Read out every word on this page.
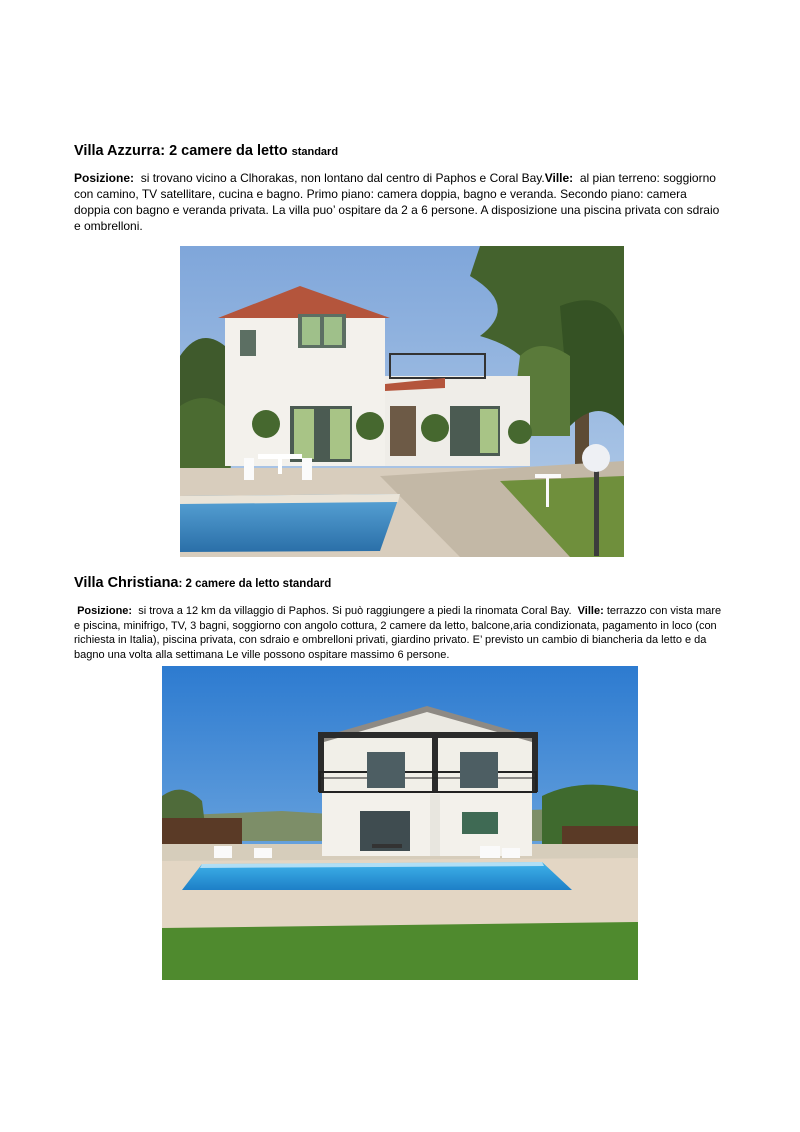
Villa Azzurra: 2 camere da letto standard

Posizione: si trovano vicino a Clhorakas, non lontano dal centro di Paphos e Coral Bay.Ville: al pian terreno: soggiorno con camino, TV satellitare, cucina e bagno. Primo piano: camera doppia, bagno e veranda. Secondo piano: camera doppia con bagno e veranda privata. La villa puo’ ospitare da 2 a 6 persone. A disposizione una piscina privata con sdraio e ombrelloni.

Villa Christiana: 2 camere da letto standard

Posizione: si trova a 12 km da villaggio di Paphos. Si può raggiungere a piedi la rinomata Coral Bay. Ville: terrazzo con vista mare e piscina, minifrigo, TV, 3 bagni, soggiorno con angolo cottura, 2 camere da letto, balcone,aria condizionata, pagamento in loco (con richiesta in Italia), piscina privata, con sdraio e ombrelloni privati, giardino privato. E’ previsto un cambio di biancheria da letto e da bagno una volta alla settimana Le ville possono ospitare massimo 6 persone.
